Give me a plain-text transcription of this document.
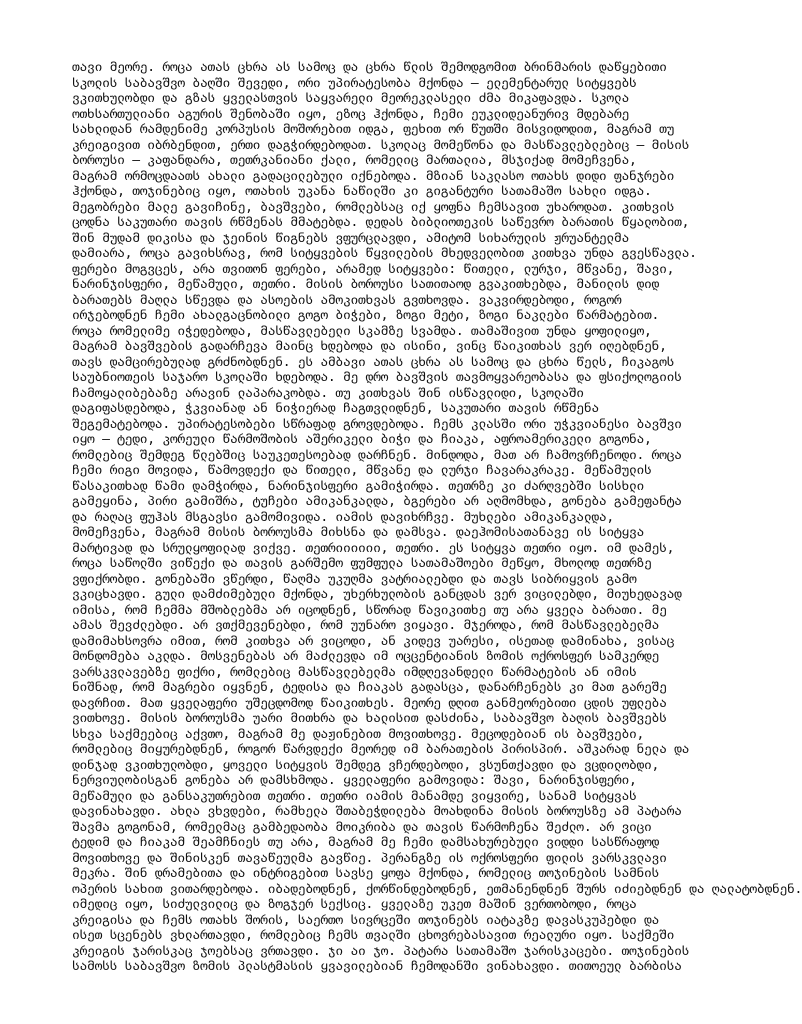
თავი მეორე. როცა ათას ცხრა ას სამოც და ცხრა წლის შემოდგომით ბრინმარის დაწყებითი
სკოლის საბავშვო ბაღში შევედი, ორი უპირატესობა მქონდა – ელემენტარულ სიტყვებს
ვკითხულობდი და გზას ყველასთვის საყვარელი მეორეკლასელი ძმა მიკაფავდა. სკოლა
ოთხსართულიანი აგურის შენობაში იყო, ეზოც ჰქონდა, ჩემი ეუკლიდეანურივ მდებარე
სახლიდან რამდენიმე კორპუსის მოშორებით იდგა, ფეხით ორ წუთში მისვიდოდით, მაგრამ თუ
კრეიგივით იბრბენდით, ერთი დაგჭირდებოდათ. სკოლაც მომეწონა და მასწავლებლებიც – მისის
ბოროუსი – კაფანდარა, თეთრკანიანი ქალი, რომელიც მართალია, მსჯიქად მომეჩვენა,
მაგრამ ორმოცდაათს ახალი გადაცილებული იქნებოდა. მზიან საკლასო ოთახს დიდი ფანჯრები
ჰქონდა, თოჯინებიც იყო, ოთახის უკანა ნაწილში კი გიგანტური სათამაშო სახლი იდგა.
მეგობრები მალე გავიჩინე, ბავშვები, რომლებსაც იქ ყოფნა ჩემსავით უხაროდათ. კითხვის
ცოდნა საკუთარი თავის რწმენას მმატებდა. დედას ბიბლიოთეკის საწევრო ბარათის წყალობით,
შინ მუდამ დიკისა და ჯეინის წიგნებს ვფურცლავდი, ამიტომ სიხარულის ჟრუანტელმა
დამიარა, როცა გავიხსრავ, რომ სიტყვების წყვილების მხედველობით კითხვა უნდა გვესწავლა.
ფერები მოგვცეს, არა თვითონ ფერები, არამედ სიტყვები: წითელი, ლურჯი, მწვანე, შავი,
ნარინჯისფერი, მეწამული, თეთრი. მისის ბოროუსი სათითაოდ გვაკითხებდა, მანილის დიდ
ბარათებს მაღლა სწევდა და ასოების ამოკითხვას გვთხოვდა. ვაკვირდებოდი, როგორ
ირჯებოდნენ ჩემი ახალგაცნობილი გოგო ბიჭები, ზოგი მეტი, ზოგი ნაკლები წარმატებით.
როცა რომელიმე იჭედებოდა, მასწავლებელი სკამზე სვამდა. თამაშივით უნდა ყოფილიყო,
მაგრამ ბავშვების გადარჩევა მაინც ხდებოდა და ისინი, ვინც წაიკითხას ვერ იღებდნენ,
თავს დამცირებულად გრძნობდნენ. ეს ამბავი ათას ცხრა ას სამოც და ცხრა წელს, ჩიკაგოს
საუბნიოთეის საჯარო სკოლაში ხდებოდა. მე დრო ბავშვის თავმოყვარეობასა და ფსიქოლოგიის
ჩამოყალიბებაზე არავინ ლაპარაკობდა. თუ კითხვას შინ ისწავლიდი, სკოლაში
დაგიფასდებოდა, ჭკვიანად ან ნიჭიერად ჩაგთვლიდნენ, საკუთარი თავის რწმენა
შეგემატებოდა. უპირატესობები სწრაფად გროვდებოდა. ჩემს კლასში ორი უჭკვიანესი ბავშვი
იყო – ტედი, კორეული წარმოშობის აშერიკელი ბიჭი და ჩიაკა, აფროამერიკელი გოგონა,
რომლებიც შემდეგ წლებშიც საუკეთესოებად დარჩნენ. მინდოდა, მათ არ ჩამოვრჩენოდი. როცა
ჩემი რიგი მოვიდა, წამოვდექი და წითელი, მწვანე და ლურჯი ჩავარაკრაკე. მეწამულის
წასაკითხად წამი დამჭირდა, ნარინჯისფერი გამიჭირდა. თეთრზე კი ძარღვებში სისხლი
გამეყინა, პირი გამიშრა, ტუჩები ამიკანკალდა, ბგერები არ აღმომხდა, გონება გამეფანტა
და რაღაც ფუჰას მსგავსი გამომივიდა. იამის დავიხრჩვე. მუხლები ამიკანკალდა,
მომეჩვენა, მაგრამ მისის ბოროუსმა მიხსნა და დამსვა. დაეჰომისათანავე ის სიტყვა
მარტივად და სრულყოფილად ვიქვე. თეთრიიიიიი, თეთრი. ეს სიტყვა თეთრი იყო. იმ დამეს,
როცა საწოლში ვიწექი და თავის გარშემო ფუმფულა სათამაშოები მეწყო, მხოლოდ თეთრზე
ვფიქრობდი. გონებაში ვწერდი, წაღმა უკუღმა ვატრიალებდი და თავს სიბრიყვის გამო
ვკიცხავდი. გული დამძიმებული მქონდა, უხერხულობის განცდას ვერ ვიცილებდი, მიუხედავად
იმისა, რომ ჩემმა მშობლებმა არ იცოდნენ, სწორად წავიკითხე თუ არა ყველა ბარათი. მე
ამას შევძლებდი. არ ვთქმევენებდი, რომ უუნარო ვიყავი. მჯეროდა, რომ მასწავლებელმა
დამიმახსოვრა იმით, რომ კითხვა არ ვიცოდი, ან კიდევ უარესი, ისეთად დამინახა, ვისაც
მონდომება აკლდა. მოსვენებას არ მაძლევდა იმ ოცცენტიანის ზომის ოქროსფერ სამკერდე
ვარსკვლავებზე ფიქრი, რომლებიც მასწავლებელმა იმდღევანდელი წარმატების ან იმის
ნიშნად, რომ მაგრები იყვნენ, ტედისა და ჩიაკას გადასცა, დანარჩენებს კი მათ გარეშე
დავრჩით. მათ ყველაფერი უშეცდომოდ წაიკითხეს. მეორე დღით განმეორებითი ცდის უფლება
ვითხოვე. მისის ბოროუსმა უარი მითხრა და ხალისით დასძინა, საბავშვო ბაღის ბავშვებს
სხვა საქმეებიც აქვთო, მაგრამ მე დაჟინებით მოვითხოვე. მეცოდებიან ის ბავშვები,
რომლებიც მიყურებდნენ, როგორ წარვდექი მეორედ იმ ბარათების პირისპირ. აშკარად ნელა და
დინჯად ვკითხულობდი, ყოველი სიტყვის შემდეგ ვჩერდებოდი, ვსუნთქავდი და ვცდილობდი,
ნერვიულობისგან გონება არ დამსხმოდა. ყველაფერი გამოვიდა: შავი, ნარინჯისფერი,
მეწამული და განსაკუთრებით თეთრი. თეთრი იამის მანამდე ვიყვირე, სანამ სიტყვას
დავინახავდი. ახლა ვხვდები, რამხელა შთაბეჭდილება მოახდინა მისის ბოროუსზე ამ პატარა
შავმა გოგონამ, რომელმაც გამბედაობა მოიკრიბა და თავის წარმოჩენა შეძლო. არ ვიცი
ტედიმ და ჩიაკამ შეამჩნიეს თუ არა, მაგრამ მე ჩემი დამსახურებული ვიდდი სასწრაფოდ
მოვითხოვე და შინისკენ თავაწეულმა გავწიე. პერანგზე ის ოქროსფერი ფილის ვარსკვლავი
მეკრა. შინ დრამებითა და ინტრიგებით სავსე ყოფა მქონდა, რომელიც თოჯინების სამნის
ოპერის სახით ვითარდებოდა. იბადებოდნენ, ქორწინდებოდნენ, ეთმანენდნენ შურს იძიებდნენ და ღალატობდნენ.
იმედიც იყო, სიძულვილიც და ზოგჯერ სექსიც. ყველაზე უკეთ მაშინ ვერთობოდი, როცა
კრეიგისა და ჩემს ოთახს შორის, საერთო სივრცეში თოჯინებს იატაკზე დავასკუპებდი და
ისეთ სცენებს ვხლართავდი, რომლებიც ჩემს თვალში ცხოვრებასავით რეალური იყო. საქმეში
კრეიგის ჯარისკაც ჯოებსაც ვრთავდი. ჯი აი ჯო. პატარა სათამაშო ჯარისკაცები. თოჯინების
სამოსს საბავშვო ზომის პლასტმასის ყვავილებიან ჩემოდანში ვინახავდი. თითოეულ ბარბისა
